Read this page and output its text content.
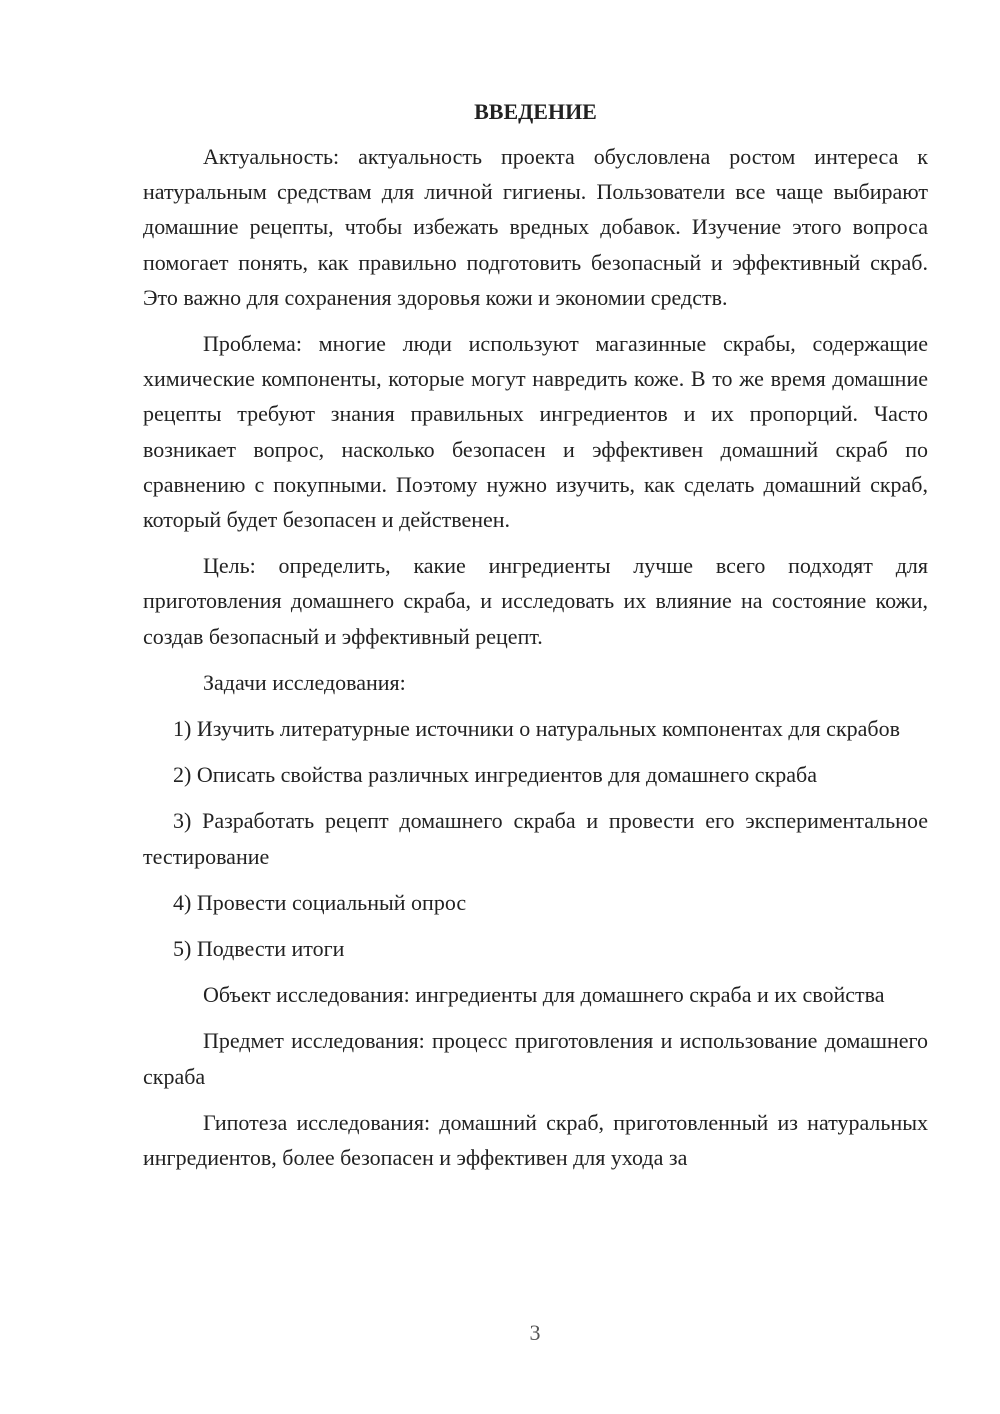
ВВЕДЕНИЕ

Актуальность: актуальность проекта обусловлена ростом интереса к натуральным средствам для личной гигиены. Пользователи все чаще выбирают домашние рецепты, чтобы избежать вредных добавок. Изучение этого вопроса помогает понять, как правильно подготовить безопасный и эффективный скраб. Это важно для сохранения здоровья кожи и экономии средств.

Проблема: многие люди используют магазинные скрабы, содержащие химические компоненты, которые могут навредить коже. В то же время домашние рецепты требуют знания правильных ингредиентов и их пропорций. Часто возникает вопрос, насколько безопасен и эффективен домашний скраб по сравнению с покупными. Поэтому нужно изучить, как сделать домашний скраб, который будет безопасен и действенен.

Цель: определить, какие ингредиенты лучше всего подходят для приготовления домашнего скраба, и исследовать их влияние на состояние кожи, создав безопасный и эффективный рецепт.

Задачи исследования:

1) Изучить литературные источники о натуральных компонентах для скрабов

2) Описать свойства различных ингредиентов для домашнего скраба

3) Разработать рецепт домашнего скраба и провести его экспериментальное тестирование

4) Провести социальный опрос

5) Подвести итоги

Объект исследования: ингредиенты для домашнего скраба и их свойства

Предмет исследования: процесс приготовления и использование домашнего скраба

Гипотеза исследования: домашний скраб, приготовленный из натуральных ингредиентов, более безопасен и эффективен для ухода за

3
